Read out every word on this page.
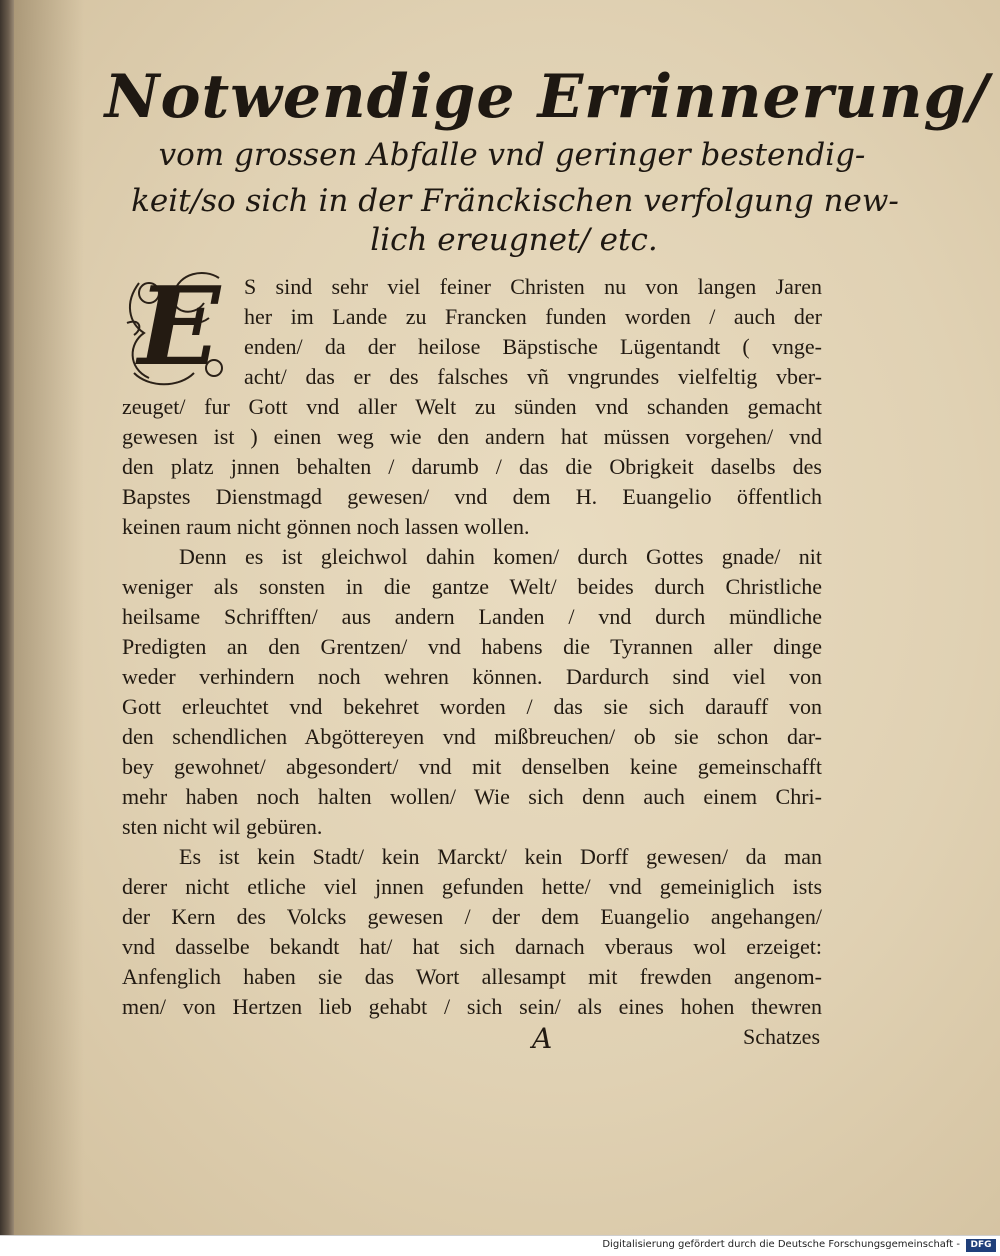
Notwendige Errinnerung/
vom grossen Abfalle vnd geringer bestendig-
keit/so sich in der Fränckischen verfolgung new-
lich ereugnet/ etc.
E S sind sehr viel feiner Christen nu von langen Jaren
her im Lande zu Francken funden worden / auch der
enden/ da der heilose Bäpstische Lügentandt ( vnge-
acht/ das er des falsches vñ vngrundes vielfeltig vber-
zeuget/ fur Gott vnd aller Welt zu sünden vnd schanden gemacht
gewesen ist ) einen weg wie den andern hat müssen vorgehen/ vnd
den platz jnnen behalten / darumb / das die Obrigkeit daselbs des
Bapstes Dienstmagd gewesen/ vnd dem H. Euangelio öffentlich
keinen raum nicht gönnen noch lassen wollen.
Denn es ist gleichwol dahin komen/ durch Gottes gnade/ nit
weniger als sonsten in die gantze Welt/ beides durch Christliche
heilsame Schrifften/ aus andern Landen / vnd durch mündliche
Predigten an den Grentzen/ vnd habens die Tyrannen aller dinge
weder verhindern noch wehren können. Dardurch sind viel von
Gott erleuchtet vnd bekehret worden / das sie sich darauff von
den schendlichen Abgöttereyen vnd mißbreuchen/ ob sie schon dar-
bey gewohnet/ abgesondert/ vnd mit denselben keine gemeinschafft
mehr haben noch halten wollen/ Wie sich denn auch einem Chri-
sten nicht wil gebüren.
Es ist kein Stadt/ kein Marckt/ kein Dorff gewesen/ da man
derer nicht etliche viel jnnen gefunden hette/ vnd gemeiniglich ists
der Kern des Volcks gewesen / der dem Euangelio angehangen/
vnd dasselbe bekandt hat/ hat sich darnach vberaus wol erzeiget:
Anfenglich haben sie das Wort allesampt mit frewden angenom-
men/ von Hertzen lieb gehabt / sich sein/ als eines hohen thewren
A	Schatzes
Digitalisierung gefördert durch die Deutsche Forschungsgemeinschaft -	DFG
